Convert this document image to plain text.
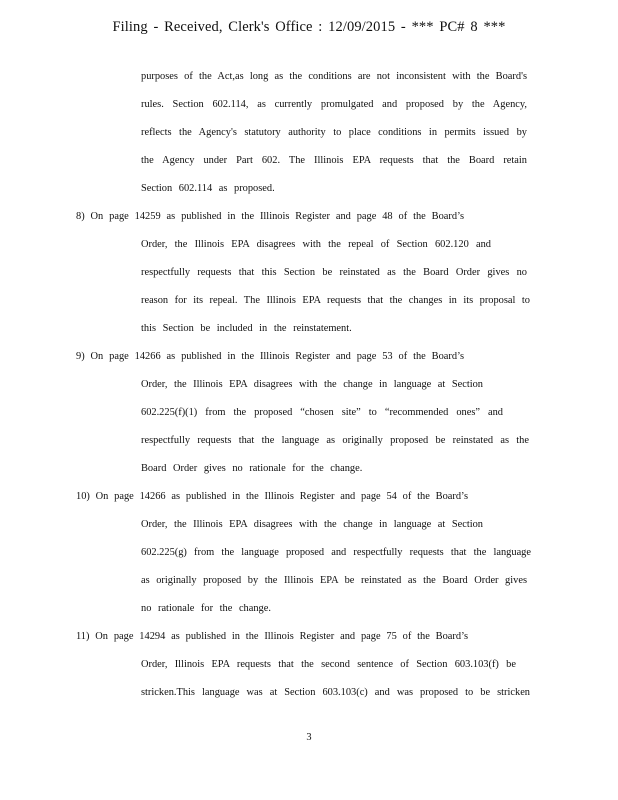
Filing - Received, Clerk's Office : 12/09/2015 - *** PC# 8 ***
purposes of the Act,as long as the conditions are not inconsistent with the Board's
rules. Section 602.114, as currently promulgated and proposed by the Agency,
reflects the Agency's statutory authority to place conditions in permits issued by
the Agency under Part 602. The Illinois EPA requests that the Board retain
Section 602.114 as proposed.
8) On page 14259 as published in the Illinois Register and page 48 of the Board’s
Order, the Illinois EPA disagrees with the repeal of Section 602.120 and
respectfully requests that this Section be reinstated as the Board Order gives no
reason for its repeal. The Illinois EPA requests that the changes in its proposal to
this Section be included in the reinstatement.
9) On page 14266 as published in the Illinois Register and page 53 of the Board’s
Order, the Illinois EPA disagrees with the change in language at Section
602.225(f)(1) from the proposed “chosen site” to “recommended ones” and
respectfully requests that the language as originally proposed be reinstated as the
Board Order gives no rationale for the change.
10) On page 14266 as published in the Illinois Register and page 54 of the Board’s
Order, the Illinois EPA disagrees with the change in language at Section
602.225(g) from the language proposed and respectfully requests that the language
as originally proposed by the Illinois EPA be reinstated as the Board Order gives
no rationale for the change.
11) On page 14294 as published in the Illinois Register and page 75 of the Board’s
Order, Illinois EPA requests that the second sentence of Section 603.103(f) be
stricken.This language was at Section 603.103(c) and was proposed to be stricken
3
